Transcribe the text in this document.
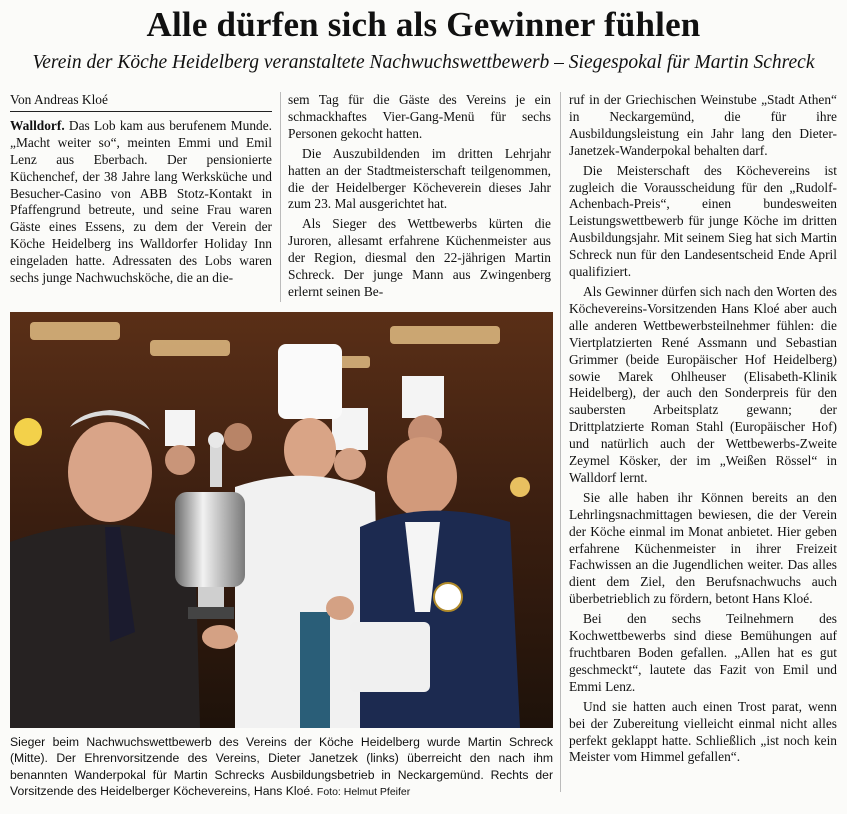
Alle dürfen sich als Gewinner fühlen

Verein der Köche Heidelberg veranstaltete Nachwuchswettbewerb – Siegespokal für Martin Schreck

Von Andreas Kloé

Walldorf. Das Lob kam aus berufenem Munde. „Macht weiter so“, meinten Emmi und Emil Lenz aus Eberbach. Der pensionierte Küchenchef, der 38 Jahre lang Werksküche und Besucher-Casino von ABB Stotz-Kontakt in Pfaffengrund betreute, und seine Frau waren Gäste eines Essens, zu dem der Verein der Köche Heidelberg ins Walldorfer Holiday Inn eingeladen hatte. Adressaten des Lobs waren sechs junge Nachwuchsköche, die an die-

sem Tag für die Gäste des Vereins je ein schmackhaftes Vier-Gang-Menü für sechs Personen gekocht hatten.

Die Auszubildenden im dritten Lehrjahr hatten an der Stadtmeisterschaft teilgenommen, die der Heidelberger Köcheverein dieses Jahr zum 23. Mal ausgerichtet hat.

Als Sieger des Wettbewerbs kürten die Juroren, allesamt erfahrene Küchenmeister aus der Region, diesmal den 22-jährigen Martin Schreck. Der junge Mann aus Zwingenberg erlernt seinen Be-

ruf in der Griechischen Weinstube „Stadt Athen“ in Neckargemünd, die für ihre Ausbildungsleistung ein Jahr lang den Dieter-Janetzek-Wanderpokal behalten darf.

Die Meisterschaft des Köchevereins ist zugleich die Vorausscheidung für den „Rudolf-Achenbach-Preis“, einen bundesweiten Leistungswettbewerb für junge Köche im dritten Ausbildungsjahr. Mit seinem Sieg hat sich Martin Schreck nun für den Landesentscheid Ende April qualifiziert.

Als Gewinner dürfen sich nach den Worten des Köchevereins-Vorsitzenden Hans Kloé aber auch alle anderen Wettbewerbsteilnehmer fühlen: die Viertplatzierten René Assmann und Sebastian Grimmer (beide Europäischer Hof Heidelberg) sowie Marek Ohlheuser (Elisabeth-Klinik Heidelberg), der auch den Sonderpreis für den saubersten Arbeitsplatz gewann; der Drittplatzierte Roman Stahl (Europäischer Hof) und natürlich auch der Wettbewerbs-Zweite Zeymel Kösker, der im „Weißen Rössel“ in Walldorf lernt.

Sie alle haben ihr Können bereits an den Lehrlingsnachmittagen bewiesen, die der Verein der Köche einmal im Monat anbietet. Hier geben erfahrene Küchenmeister in ihrer Freizeit Fachwissen an die Jugendlichen weiter. Das alles dient dem Ziel, den Berufsnachwuchs auch überbetrieblich zu fördern, betont Hans Kloé.

Bei den sechs Teilnehmern des Kochwettbewerbs sind diese Bemühungen auf fruchtbaren Boden gefallen. „Allen hat es gut geschmeckt“, lautete das Fazit von Emil und Emmi Lenz.

Und sie hatten auch einen Trost parat, wenn bei der Zubereitung vielleicht einmal nicht alles perfekt geklappt hatte. Schließlich „ist noch kein Meister vom Himmel gefallen“.

Sieger beim Nachwuchswettbewerb des Vereins der Köche Heidelberg wurde Martin Schreck (Mitte). Der Ehrenvorsitzende des Vereins, Dieter Janetzek (links) überreicht den nach ihm benannten Wanderpokal für Martin Schrecks Ausbildungsbetrieb in Neckargemünd. Rechts der Vorsitzende des Heidelberger Köchevereins, Hans Kloé. Foto: Helmut Pfeifer
